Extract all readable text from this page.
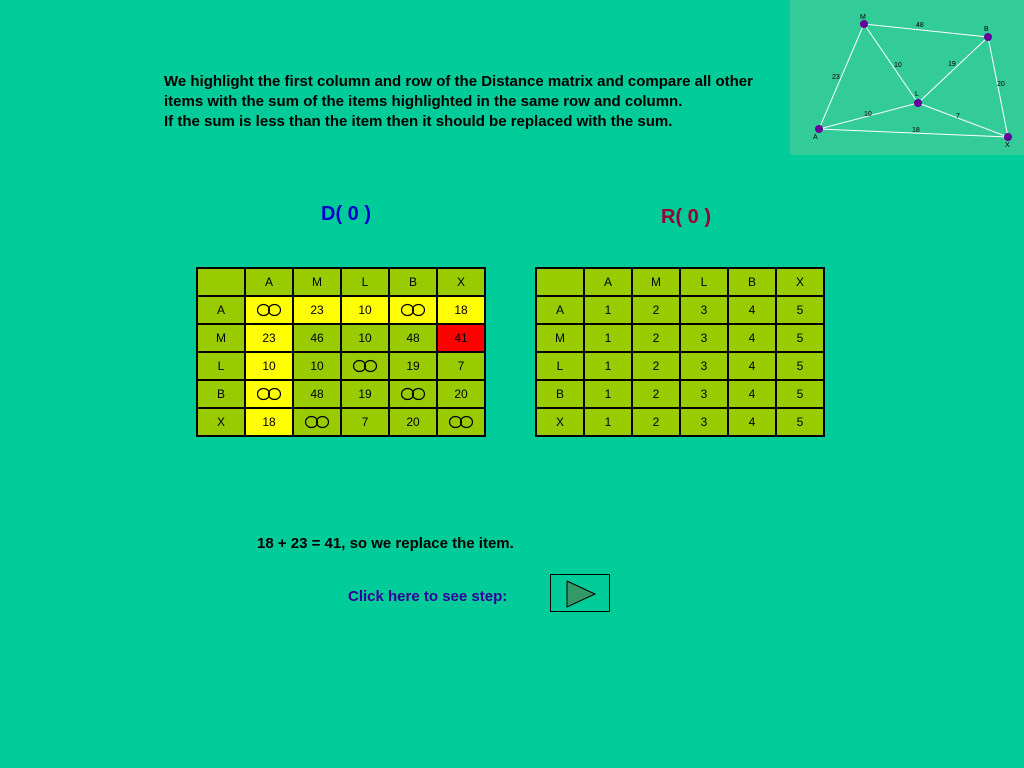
48
23
10	19
20
10	7
18
M
B
L
A
X

We highlight the first column and row of the Distance matrix and compare all other items with the sum of the items highlighted in the same row and column.

If the sum is less than the item then it should be replaced with the sum.

D( 0 )	R( 0 )
	A	M	L	B	X
A		23	10		18
M	23	46	10	48	41
L	10	10		19	7
B		48	19		20
X	18		7	20	
	A	M	L	B	X
A	1	2	3	4	5
M	1	2	3	4	5
L	1	2	3	4	5
B	1	2	3	4	5
X	1	2	3	4	5
18 + 23 = 41, so we replace the item.
Click here to see step:
